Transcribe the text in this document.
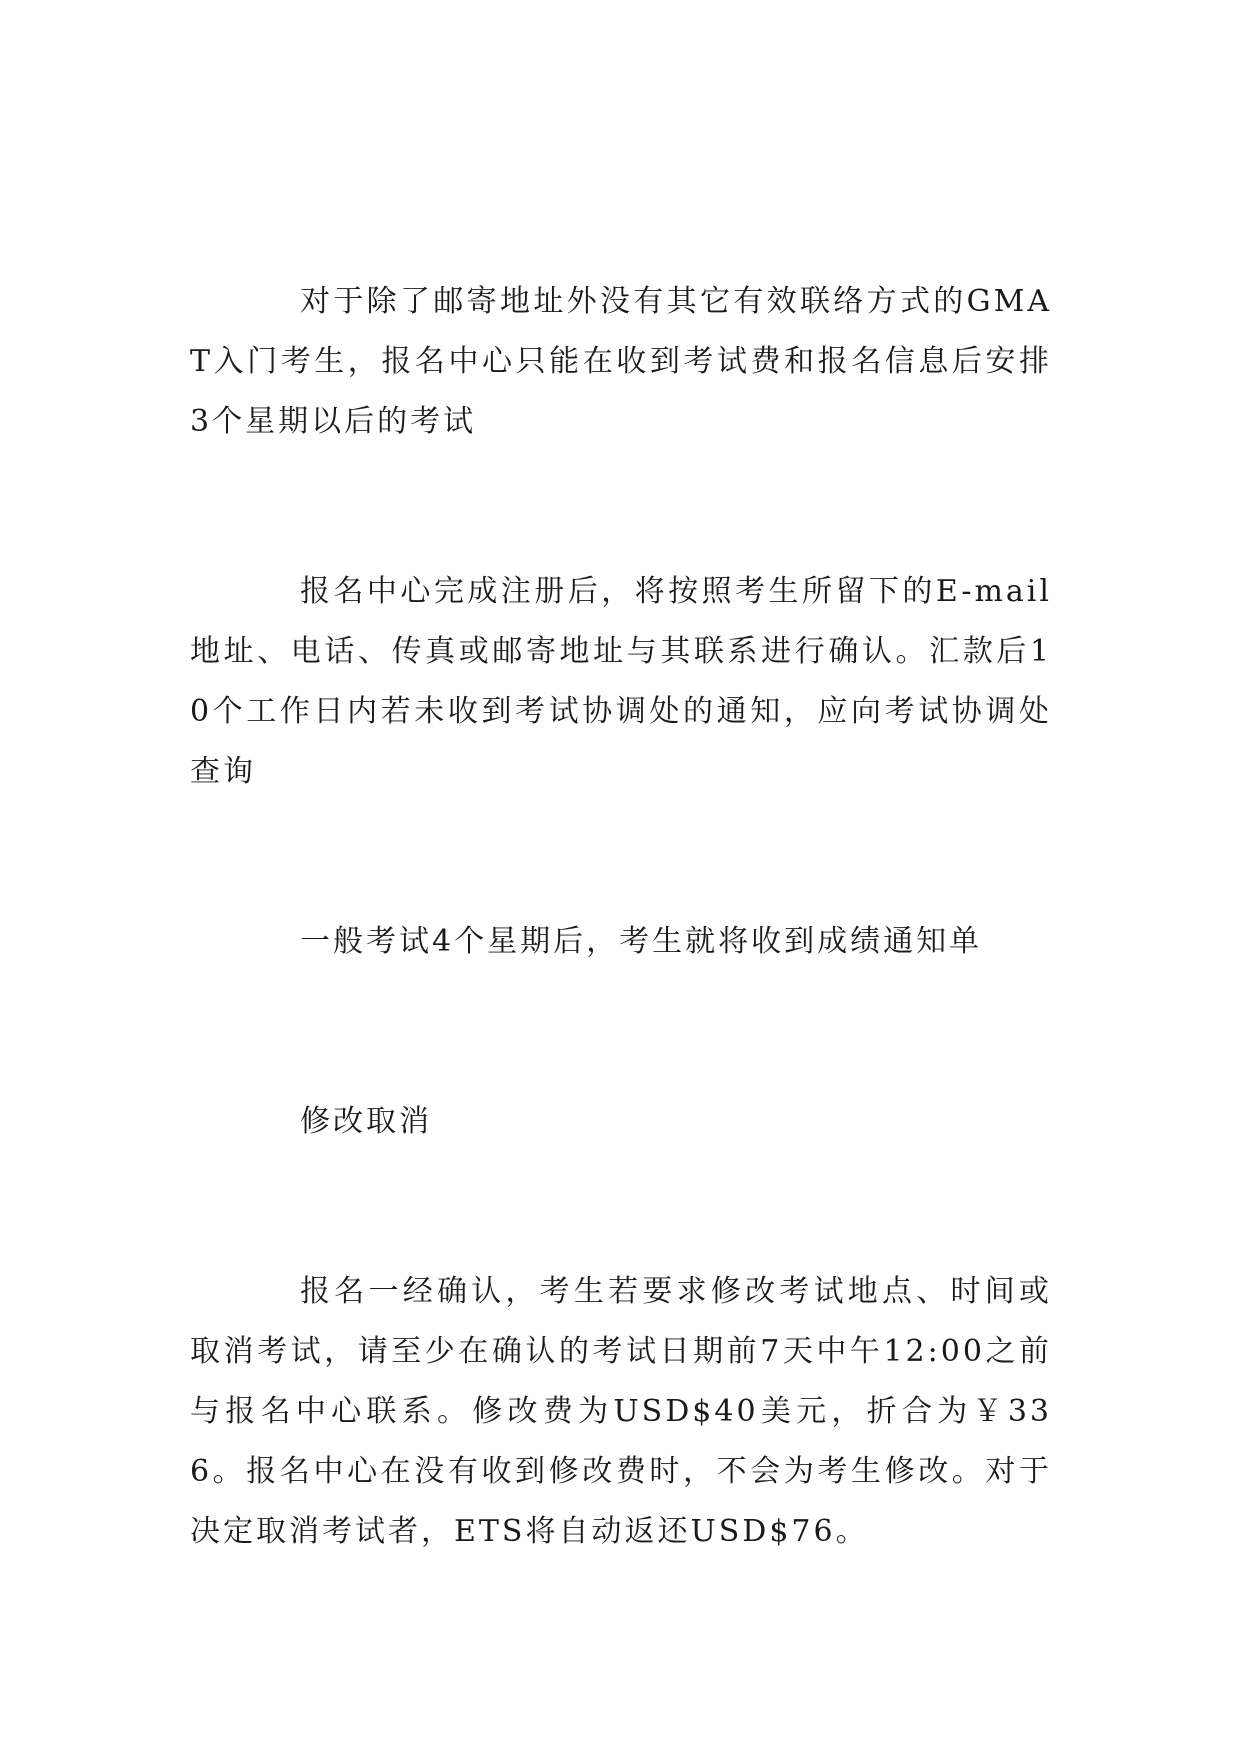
对于除了邮寄地址外没有其它有效联络方式的GMAT入门考生，报名中心只能在收到考试费和报名信息后安排3个星期以后的考试

报名中心完成注册后，将按照考生所留下的E-mail地址、电话、传真或邮寄地址与其联系进行确认。汇款后10个工作日内若未收到考试协调处的通知，应向考试协调处查询

一般考试4个星期后，考生就将收到成绩通知单

修改取消

报名一经确认，考生若要求修改考试地点、时间或取消考试，请至少在确认的考试日期前7天中午12:00之前与报名中心联系。修改费为USD$40美元，折合为￥336。报名中心在没有收到修改费时，不会为考生修改。对于决定取消考试者，ETS将自动返还USD$76。
